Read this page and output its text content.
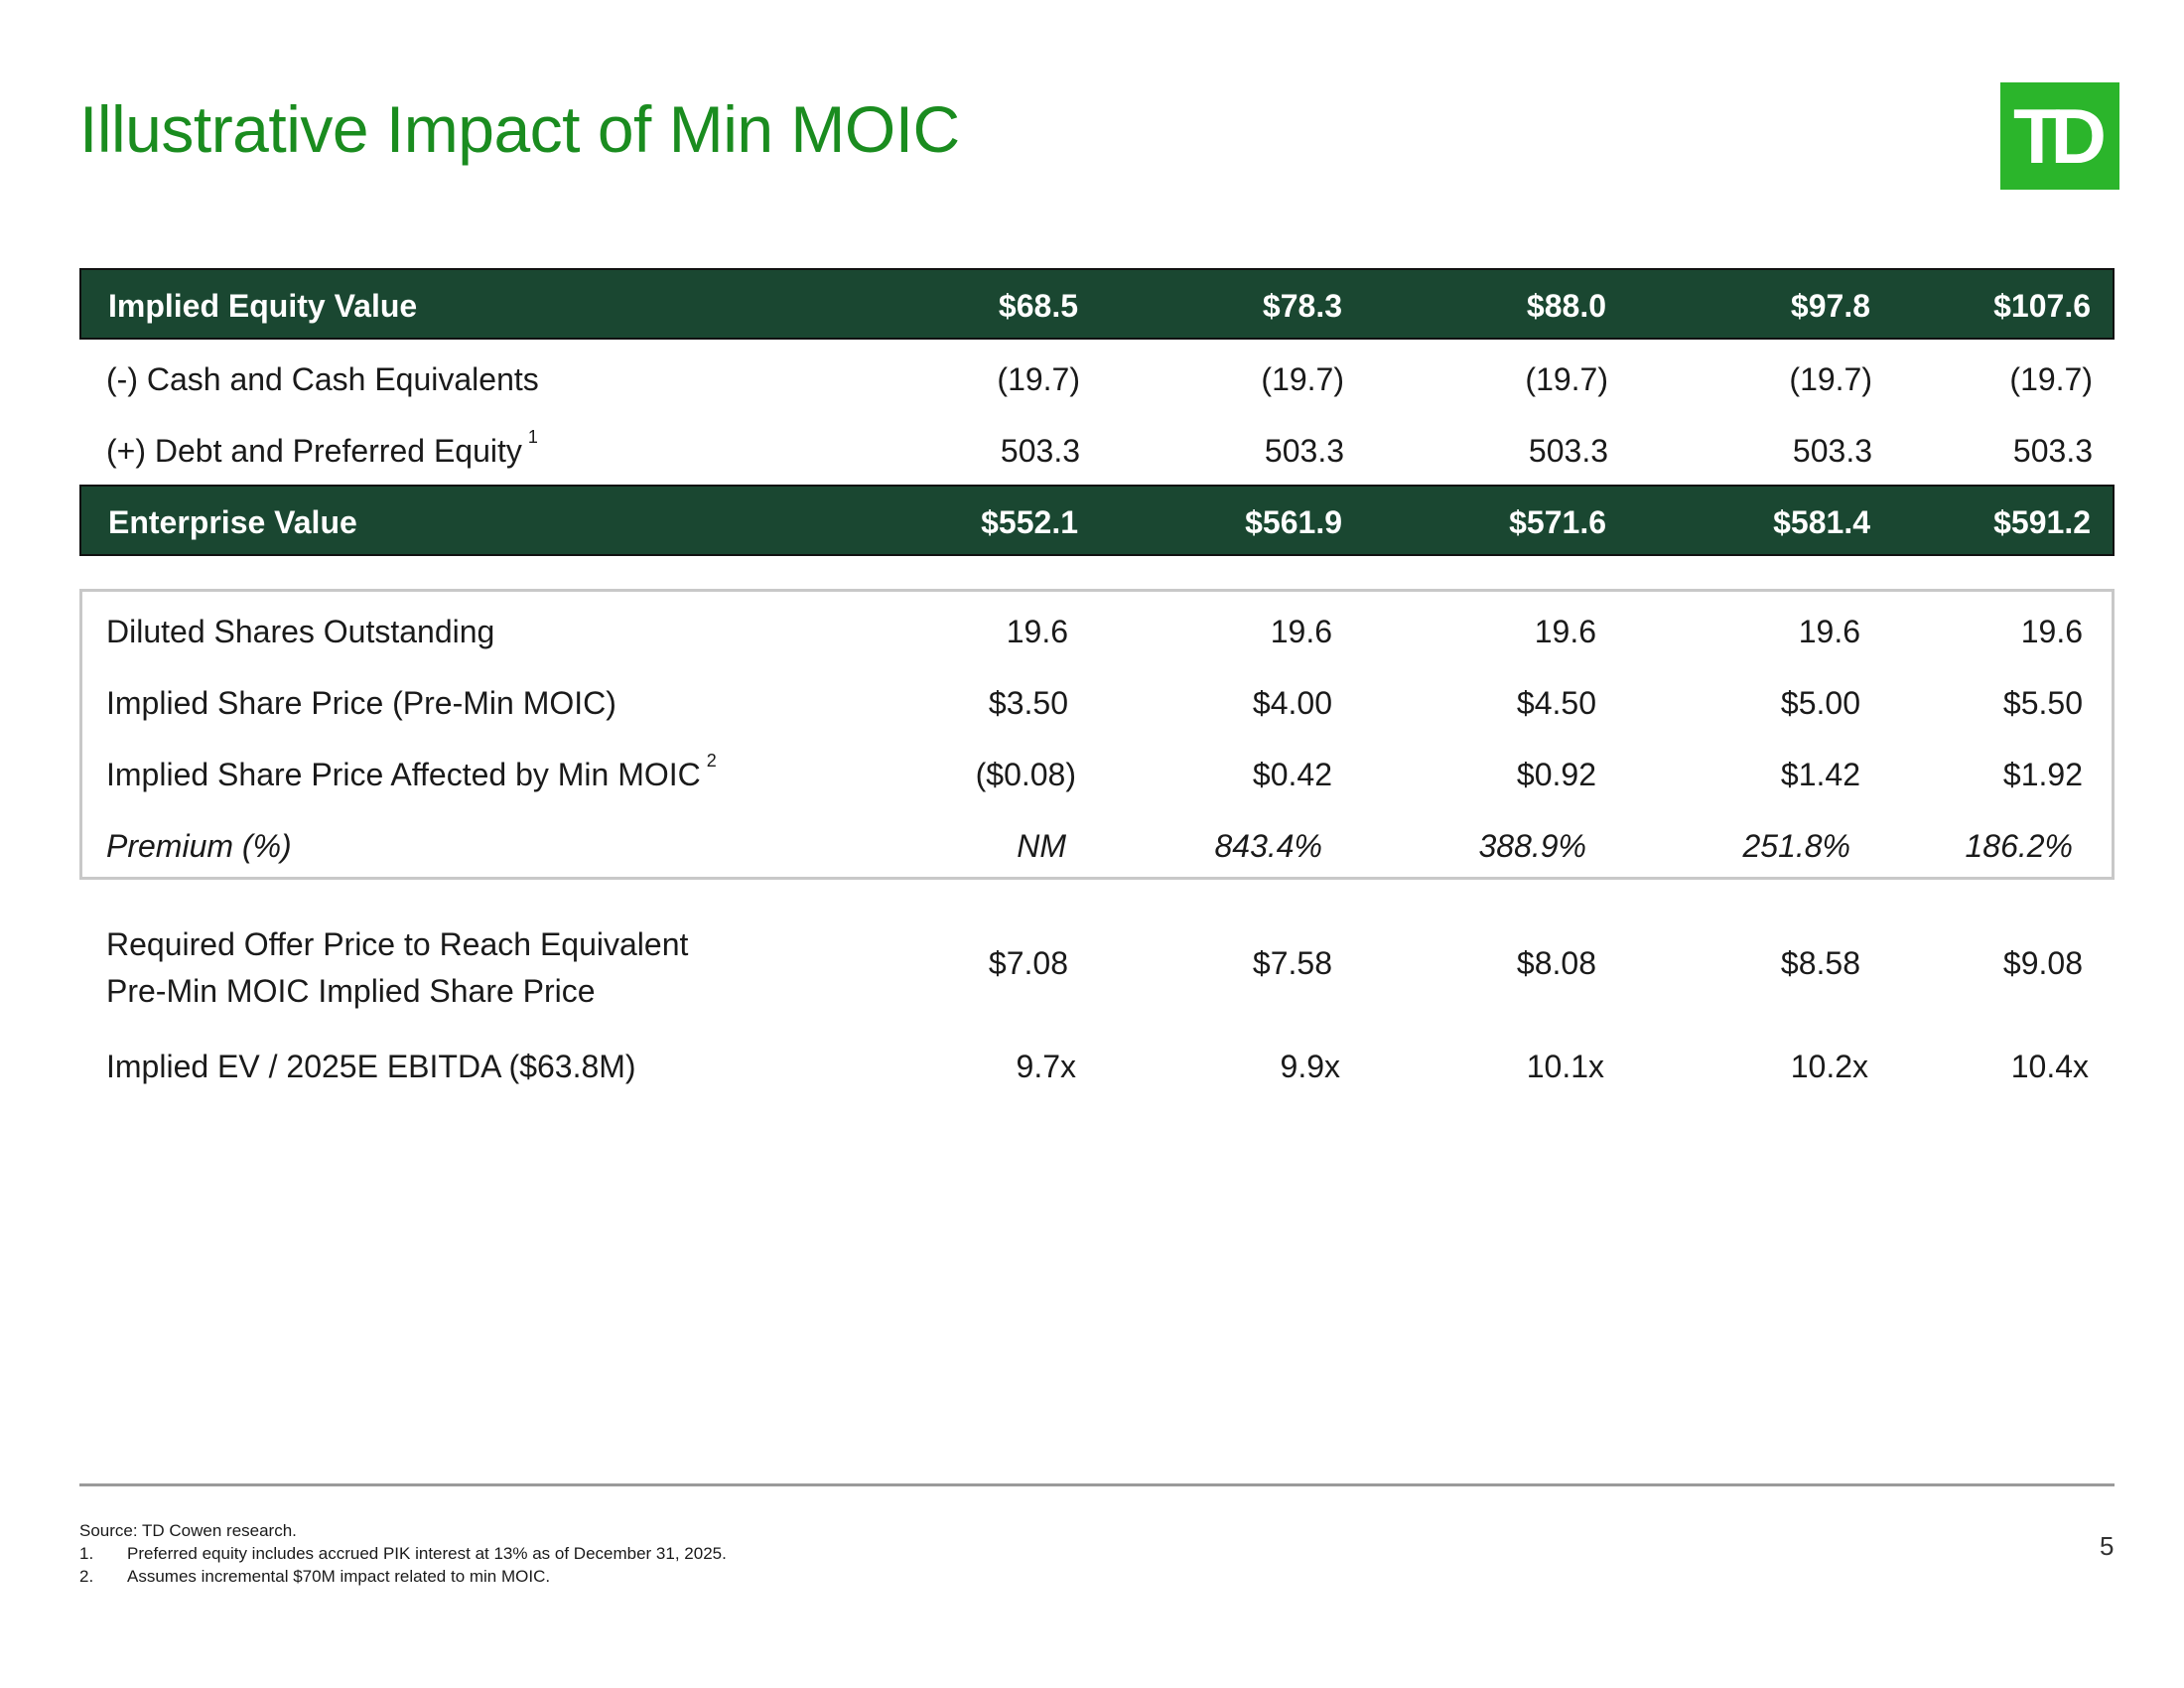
Illustrative Impact of Min MOIC	TD
Implied Equity Value	$68.5	$78.3	$88.0	$97.8	$107.6
(-) Cash and Cash Equivalents	(19.7)	(19.7)	(19.7)	(19.7)	(19.7)
(+) Debt and Preferred Equity $^1$	503.3	503.3	503.3	503.3	503.3
Enterprise Value	$552.1	$561.9	$571.6	$581.4	$591.2
Diluted Shares Outstanding	19.6	19.6	19.6	19.6	19.6
Implied Share Price (Pre-Min MOIC)	$3.50	$4.00	$4.50	$5.00	$5.50
Implied Share Price Affected by Min MOIC $^2$	($0.08)	$0.42	$0.92	$1.42	$1.92
Premium (%)	NM	843.4%	388.9%	251.8%	186.2%
Required Offer Price to Reach Equivalent
Pre-Min MOIC Implied Share Price
$7.08	$7.58	$8.08	$8.58	$9.08
Implied EV / 2025E EBITDA ($63.8M)	9.7x	9.9x	10.1x	10.2x	10.4x
Source: TD Cowen research.
1. Preferred equity includes accrued PIK interest at 13% as of December 31, 2025.
2. Assumes incremental $70M impact related to min MOIC.
5
